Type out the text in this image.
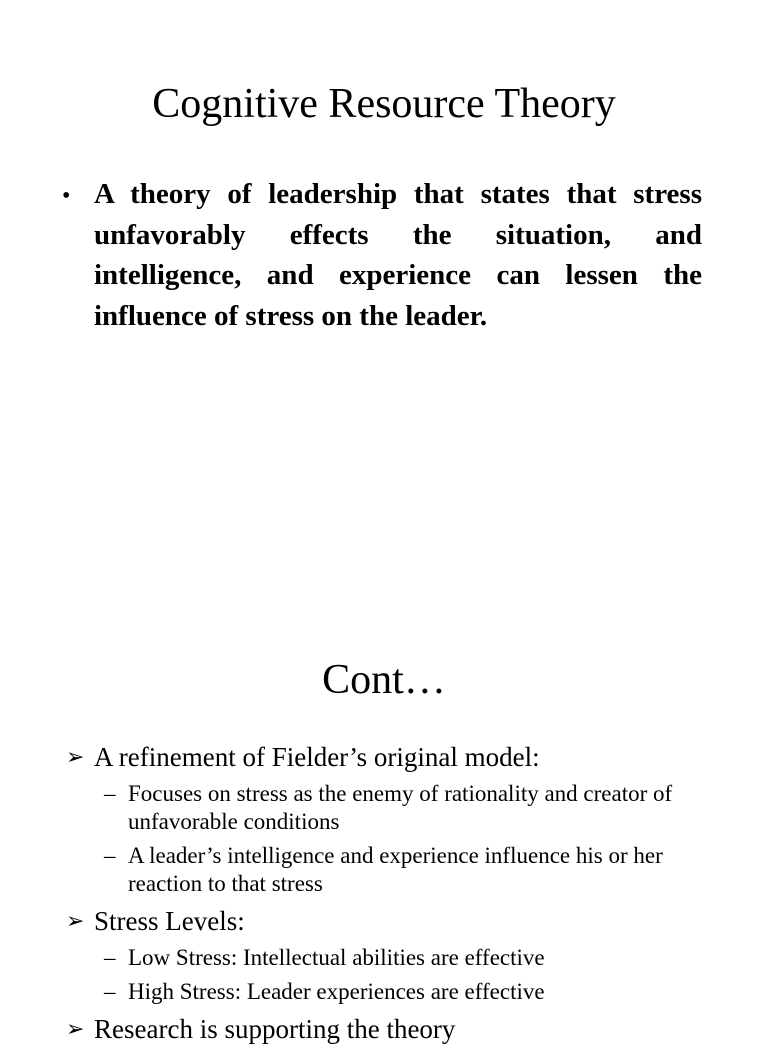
Cognitive Resource Theory
• A theory of leadership that states that stress unfavorably effects the situation, and intelligence, and experience can lessen the influence of stress on the leader.
Cont…
➢ A refinement of Fielder’s original model:
– Focuses on stress as the enemy of rationality and creator of unfavorable conditions
– A leader’s intelligence and experience influence his or her reaction to that stress
➢ Stress Levels:
– Low Stress: Intellectual abilities are effective
– High Stress: Leader experiences are effective
➢ Research is supporting the theory
